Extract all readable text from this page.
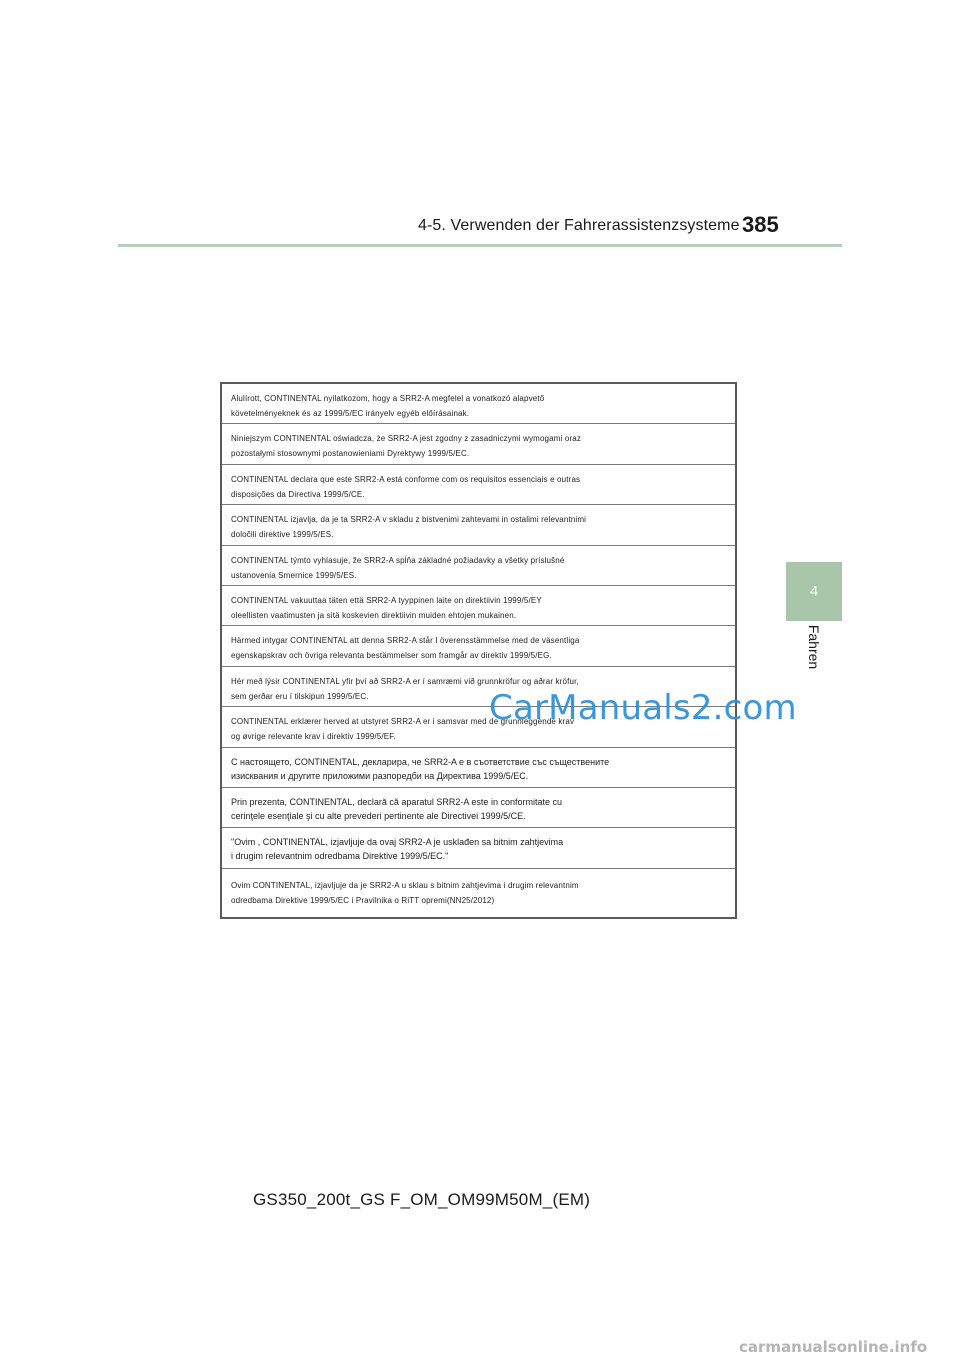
4-5. Verwenden der Fahrerassistenzsysteme 385
4
Fahren
Alulírott, CONTINENTAL nyilatkozom, hogy a SRR2-A megfelel a vonatkozó alapvető
követelményeknek és az 1999/5/EC irányelv egyéb előírásainak.
Niniejszym CONTINENTAL oświadcza, że SRR2-A jest zgodny z zasadniczymi wymogami oraz
pozostałymi stosownymi postanowieniami Dyrektywy 1999/5/EC.
CONTINENTAL declara que este SRR2-A está conforme com os requisitos essenciais e outras
disposições da Directiva 1999/5/CE.
CONTINENTAL izjavlja, da je ta SRR2-A v skladu z bistvenimi zahtevami in ostalimi relevantnimi
določili direktive 1999/5/ES.
CONTINENTAL týmto vyhlasuje, že SRR2-A spĺňa základné požiadavky a všetky príslušné
ustanovenia Smernice 1999/5/ES.
CONTINENTAL vakuuttaa täten että SRR2-A tyyppinen laite on direktiivin 1999/5/EY
oleellisten vaatimusten ja sitä koskevien direktiivin muiden ehtojen mukainen.
Härmed intygar CONTINENTAL att denna SRR2-A står I överensstämmelse med de väsentliga
egenskapskrav och övriga relevanta bestämmelser som framgår av direktiv 1999/5/EG.
Hér með lýsir CONTINENTAL yfir því að SRR2-A er í samræmi við grunnkröfur og aðrar kröfur,
sem gerðar eru í tilskipun 1999/5/EC.
CONTINENTAL erklærer herved at utstyret SRR2-A er i samsvar med de grunnleggende krav
og øvrige relevante krav i direktiv 1999/5/EF.
С настоящето, CONTINENTAL, декларира, че SRR2-A е в съответствие със съществените
изисквания и другите приложими разпоредби на Директива 1999/5/EC.
Prin prezenta, CONTINENTAL, declară că aparatul SRR2-A este in conformitate cu
cerinţele esenţiale şi cu alte prevederi pertinente ale Directivei 1999/5/CE.
"Ovim , CONTINENTAL, izjavljuje da ovaj SRR2-A je usklađen sa bitnim zahtjevima
i drugim relevantnim odredbama Direktive 1999/5/EC."
Ovim CONTINENTAL, izjavljuje da je SRR2-A u sklau s bitnim zahtjevima i drugim relevantnim
odredbama Direktive 1999/5/EC i Pravilnika o RiTT opremi(NN25/2012)
CarManuals2.com
GS350_200t_GS F_OM_OM99M50M_(EM)
carmanualsonline.info
